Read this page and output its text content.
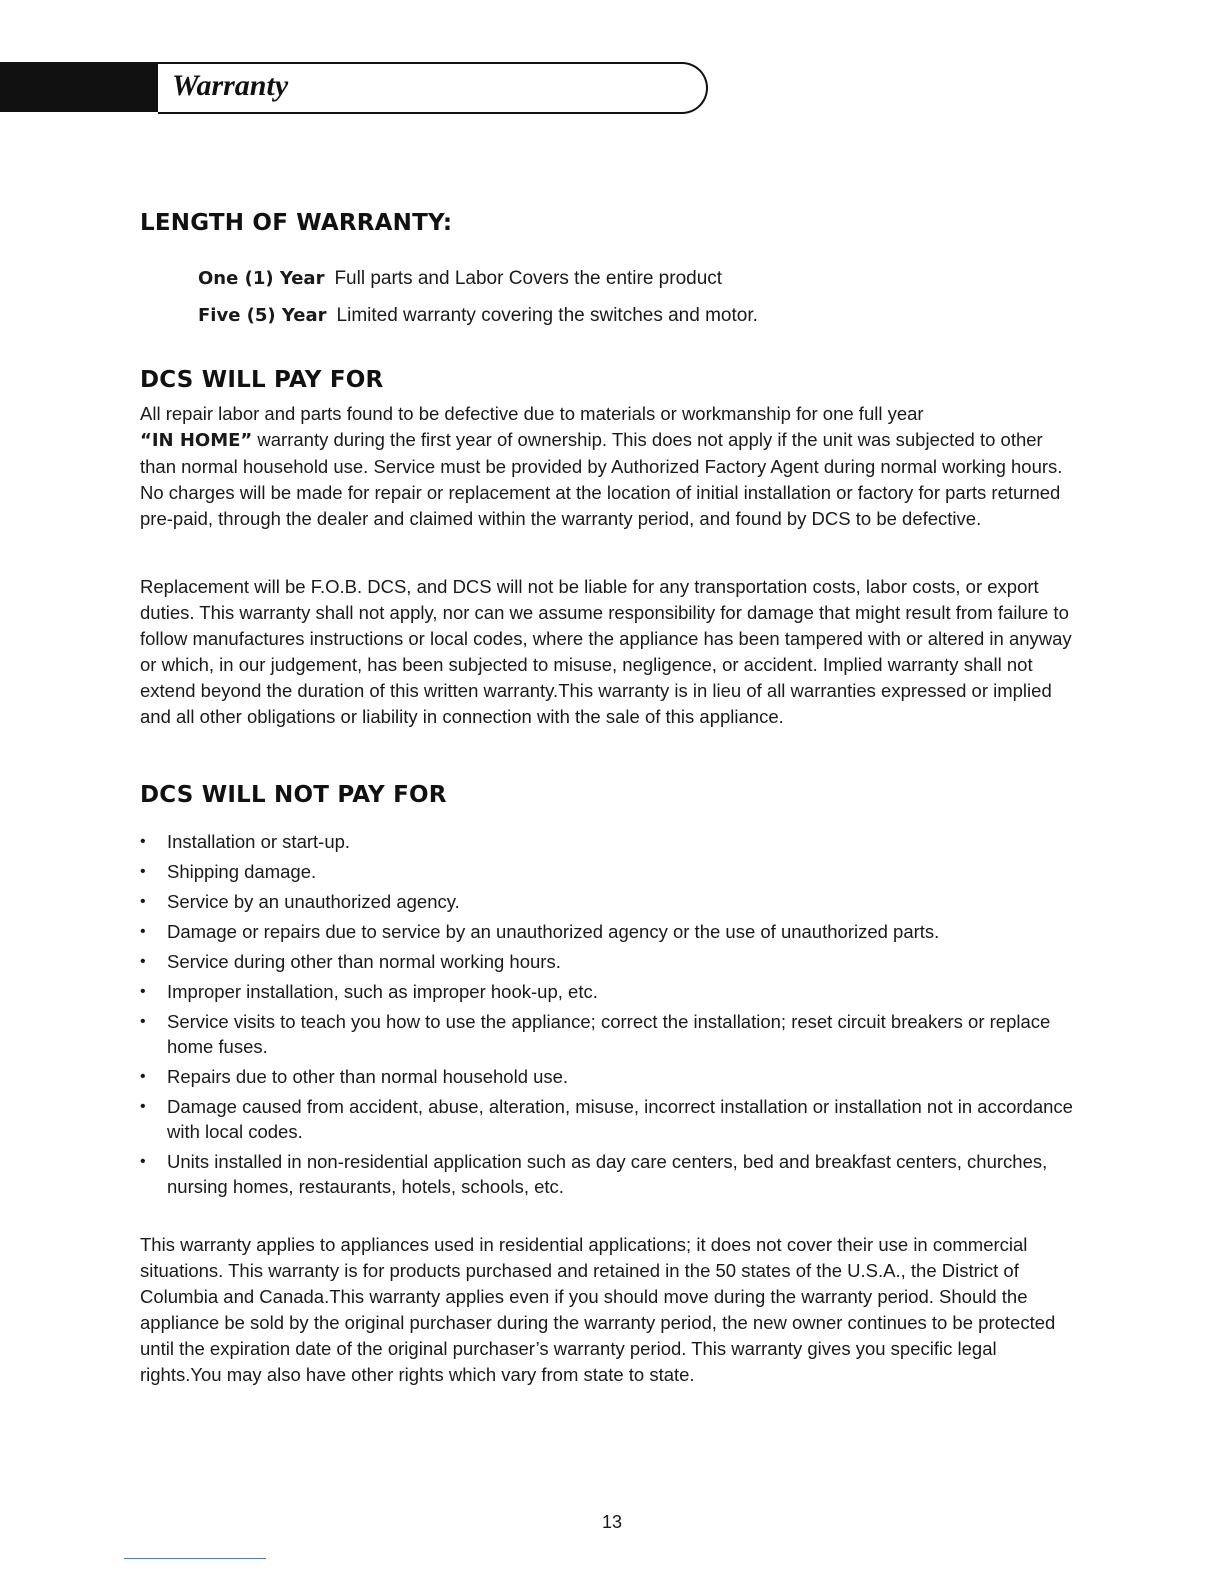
Warranty
LENGTH OF WARRANTY:
One (1) Year Full parts and Labor Covers the entire product
Five (5) Year Limited warranty covering the switches and motor.
DCS WILL PAY FOR

All repair labor and parts found to be defective due to materials or workmanship for one full year
“IN HOME” warranty during the first year of ownership. This does not apply if the unit was subjected to other than normal household use. Service must be provided by Authorized Factory Agent during normal working hours. No charges will be made for repair or replacement at the location of initial installation or factory for parts returned pre-paid, through the dealer and claimed within the warranty period, and found by DCS to be defective.

Replacement will be F.O.B. DCS, and DCS will not be liable for any transportation costs, labor costs, or export duties. This warranty shall not apply, nor can we assume responsibility for damage that might result from failure to follow manufactures instructions or local codes, where the appliance has been tampered with or altered in anyway or which, in our judgement, has been subjected to misuse, negligence, or accident. Implied warranty shall not extend beyond the duration of this written warranty.This warranty is in lieu of all warranties expressed or implied and all other obligations or liability in connection with the sale of this appliance.

DCS WILL NOT PAY FOR
• Installation or start-up.
• Shipping damage.
• Service by an unauthorized agency.
• Damage or repairs due to service by an unauthorized agency or the use of unauthorized parts.
• Service during other than normal working hours.
• Improper installation, such as improper hook-up, etc.
• Service visits to teach you how to use the appliance; correct the installation; reset circuit breakers or replace home fuses.
• Repairs due to other than normal household use.
• Damage caused from accident, abuse, alteration, misuse, incorrect installation or installation not in accordance with local codes.
• Units installed in non-residential application such as day care centers, bed and breakfast centers, churches, nursing homes, restaurants, hotels, schools, etc.

This warranty applies to appliances used in residential applications; it does not cover their use in commercial situations. This warranty is for products purchased and retained in the 50 states of the U.S.A., the District of Columbia and Canada.This warranty applies even if you should move during the warranty period. Should the appliance be sold by the original purchaser during the warranty period, the new owner continues to be protected until the expiration date of the original purchaser’s warranty period. This warranty gives you specific legal rights.You may also have other rights which vary from state to state.

13
